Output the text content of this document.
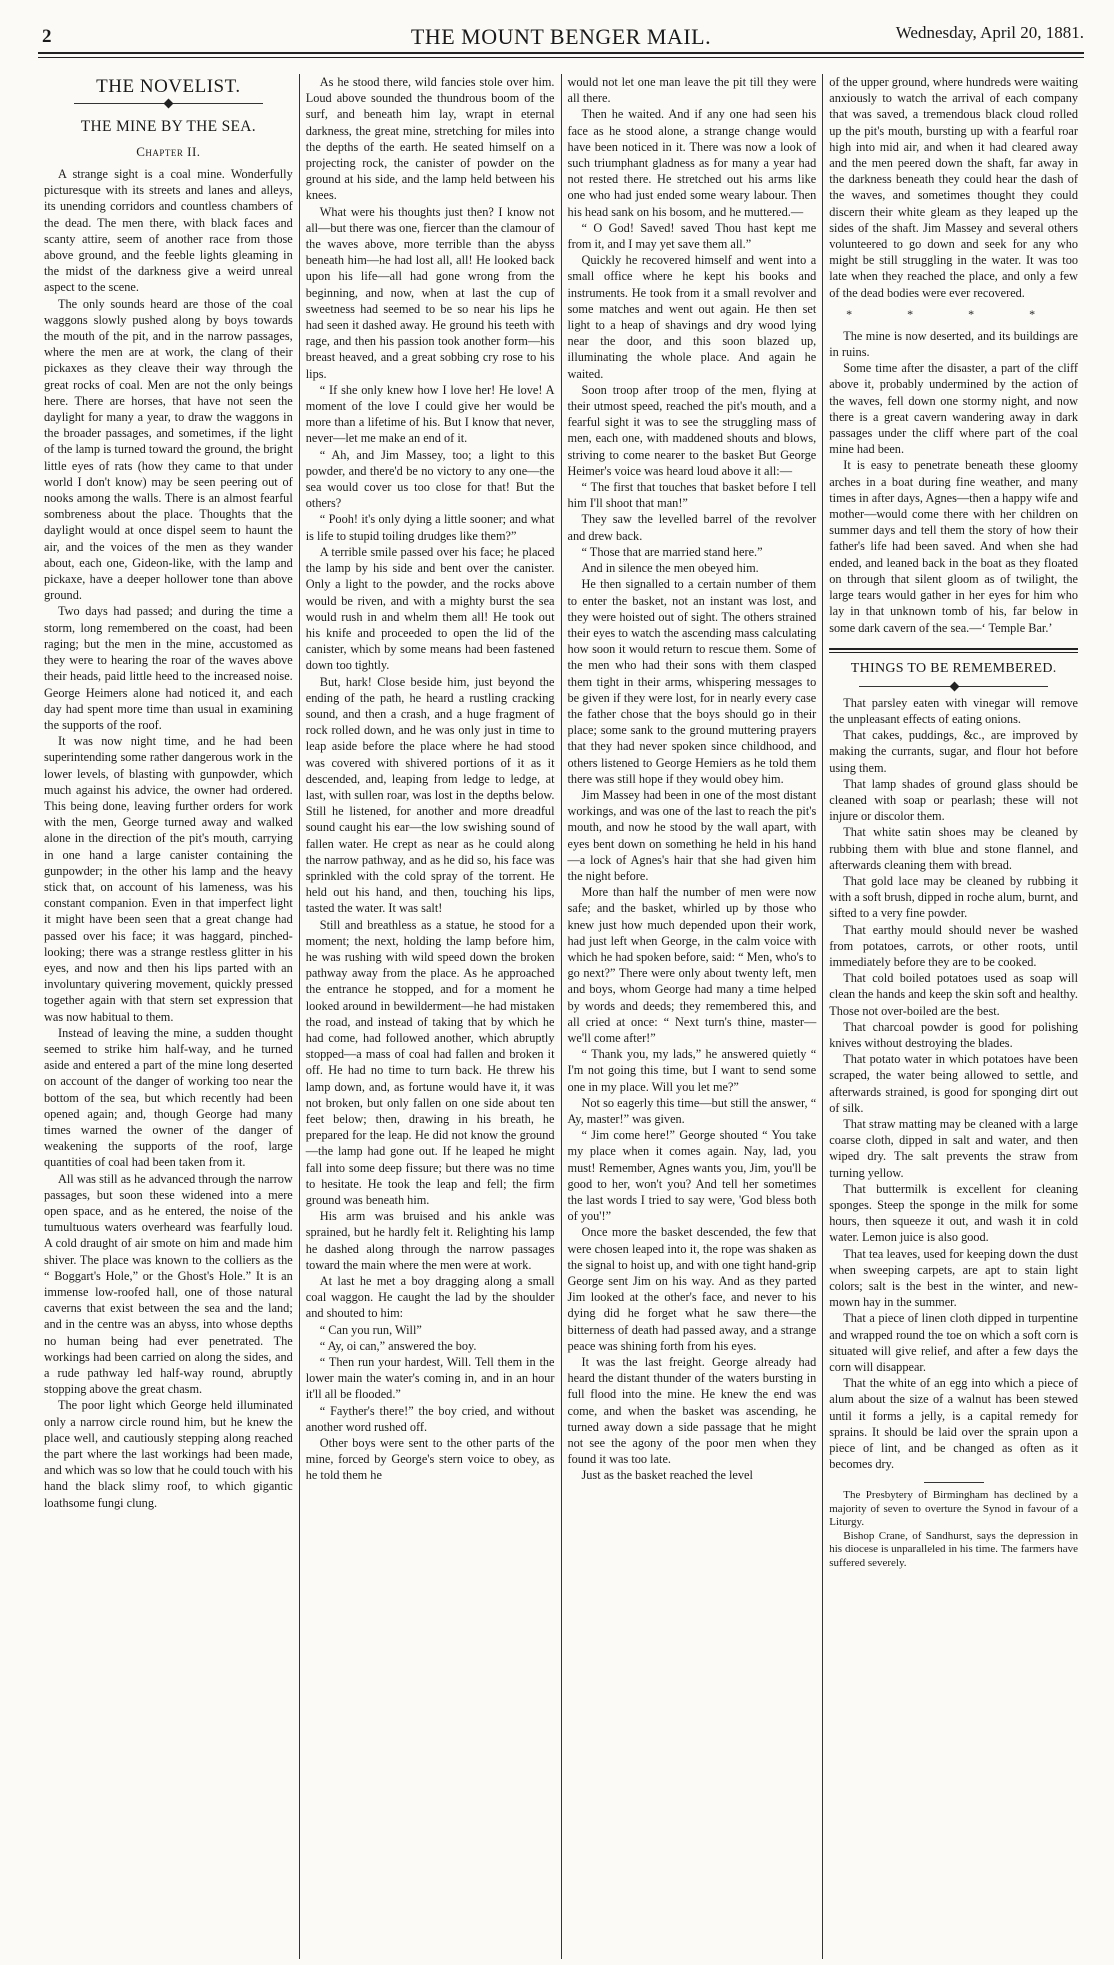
2	THE MOUNT BENGER MAIL.	Wednesday, April 20, 1881.
THE NOVELIST.
THE MINE BY THE SEA.
Chapter II.

A strange sight is a coal mine. Wonderfully picturesque with its streets and lanes and alleys, its unending corridors and countless chambers of the dead. The men there, with black faces and scanty attire, seem of another race from those above ground, and the feeble lights gleaming in the midst of the darkness give a weird unreal aspect to the scene.

The only sounds heard are those of the coal waggons slowly pushed along by boys towards the mouth of the pit, and in the narrow passages, where the men are at work, the clang of their pickaxes as they cleave their way through the great rocks of coal. Men are not the only beings here. There are horses, that have not seen the daylight for many a year, to draw the waggons in the broader passages, and sometimes, if the light of the lamp is turned toward the ground, the bright little eyes of rats (how they came to that under world I don't know) may be seen peering out of nooks among the walls. There is an almost fearful sombreness about the place. Thoughts that the daylight would at once dispel seem to haunt the air, and the voices of the men as they wander about, each one, Gideon-like, with the lamp and pickaxe, have a deeper hollower tone than above ground.

Two days had passed; and during the time a storm, long remembered on the coast, had been raging; but the men in the mine, accustomed as they were to hearing the roar of the waves above their heads, paid little heed to the increased noise. George Heimers alone had noticed it, and each day had spent more time than usual in examining the supports of the roof.

It was now night time, and he had been superintending some rather dangerous work in the lower levels, of blasting with gunpowder, which much against his advice, the owner had ordered. This being done, leaving further orders for work with the men, George turned away and walked alone in the direction of the pit's mouth, carrying in one hand a large canister containing the gunpowder; in the other his lamp and the heavy stick that, on account of his lameness, was his constant companion. Even in that imperfect light it might have been seen that a great change had passed over his face; it was haggard, pinched-looking; there was a strange restless glitter in his eyes, and now and then his lips parted with an involuntary quivering movement, quickly pressed together again with that stern set expression that was now habitual to them.

Instead of leaving the mine, a sudden thought seemed to strike him half-way, and he turned aside and entered a part of the mine long deserted on account of the danger of working too near the bottom of the sea, but which recently had been opened again; and, though George had many times warned the owner of the danger of weakening the supports of the roof, large quantities of coal had been taken from it.

All was still as he advanced through the narrow passages, but soon these widened into a mere open space, and as he entered, the noise of the tumultuous waters overheard was fearfully loud. A cold draught of air smote on him and made him shiver. The place was known to the colliers as the “ Boggart's Hole,” or the Ghost's Hole.” It is an immense low-roofed hall, one of those natural caverns that exist between the sea and the land; and in the centre was an abyss, into whose depths no human being had ever penetrated. The workings had been carried on along the sides, and a rude pathway led half-way round, abruptly stopping above the great chasm.

The poor light which George held illuminated only a narrow circle round him, but he knew the place well, and cautiously stepping along reached the part where the last workings had been made, and which was so low that he could touch with his hand the black slimy roof, to which gigantic loathsome fungi clung.

As he stood there, wild fancies stole over him. Loud above sounded the thundrous boom of the surf, and beneath him lay, wrapt in eternal darkness, the great mine, stretching for miles into the depths of the earth. He seated himself on a projecting rock, the canister of powder on the ground at his side, and the lamp held between his knees.

What were his thoughts just then? I know not all—but there was one, fiercer than the clamour of the waves above, more terrible than the abyss beneath him—he had lost all, all! He looked back upon his life—all had gone wrong from the beginning, and now, when at last the cup of sweetness had seemed to be so near his lips he had seen it dashed away. He ground his teeth with rage, and then his passion took another form—his breast heaved, and a great sobbing cry rose to his lips.

“ If she only knew how I love her! He love! A moment of the love I could give her would be more than a lifetime of his. But I know that never, never—let me make an end of it.

“ Ah, and Jim Massey, too; a light to this powder, and there'd be no victory to any one—the sea would cover us too close for that! But the others?

“ Pooh! it's only dying a little sooner; and what is life to stupid toiling drudges like them?”

A terrible smile passed over his face; he placed the lamp by his side and bent over the canister. Only a light to the powder, and the rocks above would be riven, and with a mighty burst the sea would rush in and whelm them all! He took out his knife and proceeded to open the lid of the canister, which by some means had been fastened down too tightly.

But, hark! Close beside him, just beyond the ending of the path, he heard a rustling cracking sound, and then a crash, and a huge fragment of rock rolled down, and he was only just in time to leap aside before the place where he had stood was covered with shivered portions of it as it descended, and, leaping from ledge to ledge, at last, with sullen roar, was lost in the depths below. Still he listened, for another and more dreadful sound caught his ear—the low swishing sound of fallen water. He crept as near as he could along the narrow pathway, and as he did so, his face was sprinkled with the cold spray of the torrent. He held out his hand, and then, touching his lips, tasted the water. It was salt!

Still and breathless as a statue, he stood for a moment; the next, holding the lamp before him, he was rushing with wild speed down the broken pathway away from the place. As he approached the entrance he stopped, and for a moment he looked around in bewilderment—he had mistaken the road, and instead of taking that by which he had come, had followed another, which abruptly stopped—a mass of coal had fallen and broken it off. He had no time to turn back. He threw his lamp down, and, as fortune would have it, it was not broken, but only fallen on one side about ten feet below; then, drawing in his breath, he prepared for the leap. He did not know the ground—the lamp had gone out. If he leaped he might fall into some deep fissure; but there was no time to hesitate. He took the leap and fell; the firm ground was beneath him.

His arm was bruised and his ankle was sprained, but he hardly felt it. Relighting his lamp he dashed along through the narrow passages toward the main where the men were at work.

At last he met a boy dragging along a small coal waggon. He caught the lad by the shoulder and shouted to him:

“ Can you run, Will”

“ Ay, oi can,” answered the boy.

“ Then run your hardest, Will. Tell them in the lower main the water's coming in, and in an hour it'll all be flooded.”

“ Fayther's there!” the boy cried, and without another word rushed off.

Other boys were sent to the other parts of the mine, forced by George's stern voice to obey, as he told them he

would not let one man leave the pit till they were all there.

Then he waited. And if any one had seen his face as he stood alone, a strange change would have been noticed in it. There was now a look of such triumphant gladness as for many a year had not rested there. He stretched out his arms like one who had just ended some weary labour. Then his head sank on his bosom, and he muttered.—

“ O God! Saved! saved Thou hast kept me from it, and I may yet save them all.”

Quickly he recovered himself and went into a small office where he kept his books and instruments. He took from it a small revolver and some matches and went out again. He then set light to a heap of shavings and dry wood lying near the door, and this soon blazed up, illuminating the whole place. And again he waited.

Soon troop after troop of the men, flying at their utmost speed, reached the pit's mouth, and a fearful sight it was to see the struggling mass of men, each one, with maddened shouts and blows, striving to come nearer to the basket But George Heimer's voice was heard loud above it all:—

“ The first that touches that basket before I tell him I'll shoot that man!”

They saw the levelled barrel of the revolver and drew back.

“ Those that are married stand here.”

And in silence the men obeyed him.

He then signalled to a certain number of them to enter the basket, not an instant was lost, and they were hoisted out of sight. The others strained their eyes to watch the ascending mass calculating how soon it would return to rescue them. Some of the men who had their sons with them clasped them tight in their arms, whispering messages to be given if they were lost, for in nearly every case the father chose that the boys should go in their place; some sank to the ground muttering prayers that they had never spoken since childhood, and others listened to George Hemiers as he told them there was still hope if they would obey him.

Jim Massey had been in one of the most distant workings, and was one of the last to reach the pit's mouth, and now he stood by the wall apart, with eyes bent down on something he held in his hand—a lock of Agnes's hair that she had given him the night before.

More than half the number of men were now safe; and the basket, whirled up by those who knew just how much depended upon their work, had just left when George, in the calm voice with which he had spoken before, said: “ Men, who's to go next?” There were only about twenty left, men and boys, whom George had many a time helped by words and deeds; they remembered this, and all cried at once: “ Next turn's thine, master—we'll come after!”

“ Thank you, my lads,” he answered quietly “ I'm not going this time, but I want to send some one in my place. Will you let me?”

Not so eagerly this time—but still the answer, “ Ay, master!” was given.

“ Jim come here!” George shouted “ You take my place when it comes again. Nay, lad, you must! Remember, Agnes wants you, Jim, you'll be good to her, won't you? And tell her sometimes the last words I tried to say were, 'God bless both of you'!”

Once more the basket descended, the few that were chosen leaped into it, the rope was shaken as the signal to hoist up, and with one tight hand-grip George sent Jim on his way. And as they parted Jim looked at the other's face, and never to his dying did he forget what he saw there—the bitterness of death had passed away, and a strange peace was shining forth from his eyes.

It was the last freight. George already had heard the distant thunder of the waters bursting in full flood into the mine. He knew the end was come, and when the basket was ascending, he turned away down a side passage that he might not see the agony of the poor men when they found it was too late.

Just as the basket reached the level

of the upper ground, where hundreds were waiting anxiously to watch the arrival of each company that was saved, a tremendous black cloud rolled up the pit's mouth, bursting up with a fearful roar high into mid air, and when it had cleared away and the men peered down the shaft, far away in the darkness beneath they could hear the dash of the waves, and sometimes thought they could discern their white gleam as they leaped up the sides of the shaft. Jim Massey and several others volunteered to go down and seek for any who might be still struggling in the water. It was too late when they reached the place, and only a few of the dead bodies were ever recovered.

* * * *

The mine is now deserted, and its buildings are in ruins.

Some time after the disaster, a part of the cliff above it, probably undermined by the action of the waves, fell down one stormy night, and now there is a great cavern wandering away in dark passages under the cliff where part of the coal mine had been.

It is easy to penetrate beneath these gloomy arches in a boat during fine weather, and many times in after days, Agnes—then a happy wife and mother—would come there with her children on summer days and tell them the story of how their father's life had been saved. And when she had ended, and leaned back in the boat as they floated on through that silent gloom as of twilight, the large tears would gather in her eyes for him who lay in that unknown tomb of his, far below in some dark cavern of the sea.—‘ Temple Bar.’

THINGS TO BE REMEMBERED.

That parsley eaten with vinegar will remove the unpleasant effects of eating onions.

That cakes, puddings, &c., are improved by making the currants, sugar, and flour hot before using them.

That lamp shades of ground glass should be cleaned with soap or pearlash; these will not injure or discolor them.

That white satin shoes may be cleaned by rubbing them with blue and stone flannel, and afterwards cleaning them with bread.

That gold lace may be cleaned by rubbing it with a soft brush, dipped in roche alum, burnt, and sifted to a very fine powder.

That earthy mould should never be washed from potatoes, carrots, or other roots, until immediately before they are to be cooked.

That cold boiled potatoes used as soap will clean the hands and keep the skin soft and healthy. Those not over-boiled are the best.

That charcoal powder is good for polishing knives without destroying the blades.

That potato water in which potatoes have been scraped, the water being allowed to settle, and afterwards strained, is good for sponging dirt out of silk.

That straw matting may be cleaned with a large coarse cloth, dipped in salt and water, and then wiped dry. The salt prevents the straw from turning yellow.

That buttermilk is excellent for cleaning sponges. Steep the sponge in the milk for some hours, then squeeze it out, and wash it in cold water. Lemon juice is also good.

That tea leaves, used for keeping down the dust when sweeping carpets, are apt to stain light colors; salt is the best in the winter, and new-mown hay in the summer.

That a piece of linen cloth dipped in turpentine and wrapped round the toe on which a soft corn is situated will give relief, and after a few days the corn will disappear.

That the white of an egg into which a piece of alum about the size of a walnut has been stewed until it forms a jelly, is a capital remedy for sprains. It should be laid over the sprain upon a piece of lint, and be changed as often as it becomes dry.

The Presbytery of Birmingham has declined by a majority of seven to overture the Synod in favour of a Liturgy.

Bishop Crane, of Sandhurst, says the depression in his diocese is unparalleled in his time. The farmers have suffered severely.
